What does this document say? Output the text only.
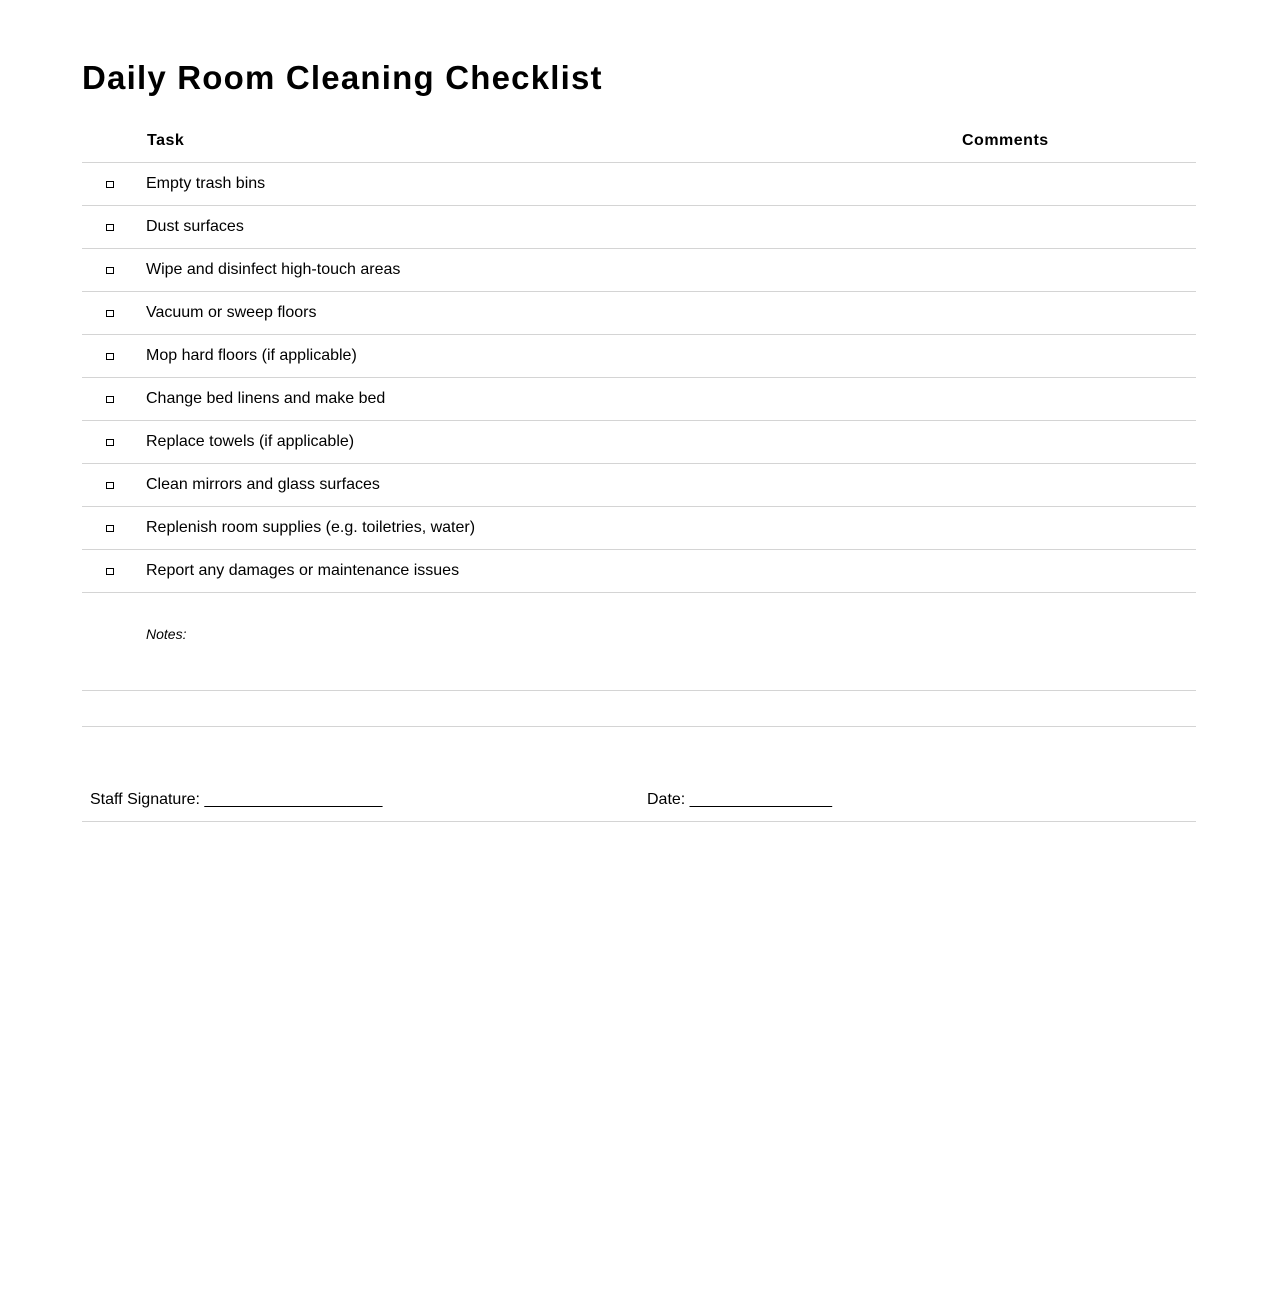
Daily Room Cleaning Checklist
Task	Comments
Empty trash bins
Dust surfaces
Wipe and disinfect high-touch areas
Vacuum or sweep floors
Mop hard floors (if applicable)
Change bed linens and make bed
Replace towels (if applicable)
Clean mirrors and glass surfaces
Replenish room supplies (e.g. toiletries, water)
Report any damages or maintenance issues
Notes:
Staff Signature: ____________________	Date: ________________
